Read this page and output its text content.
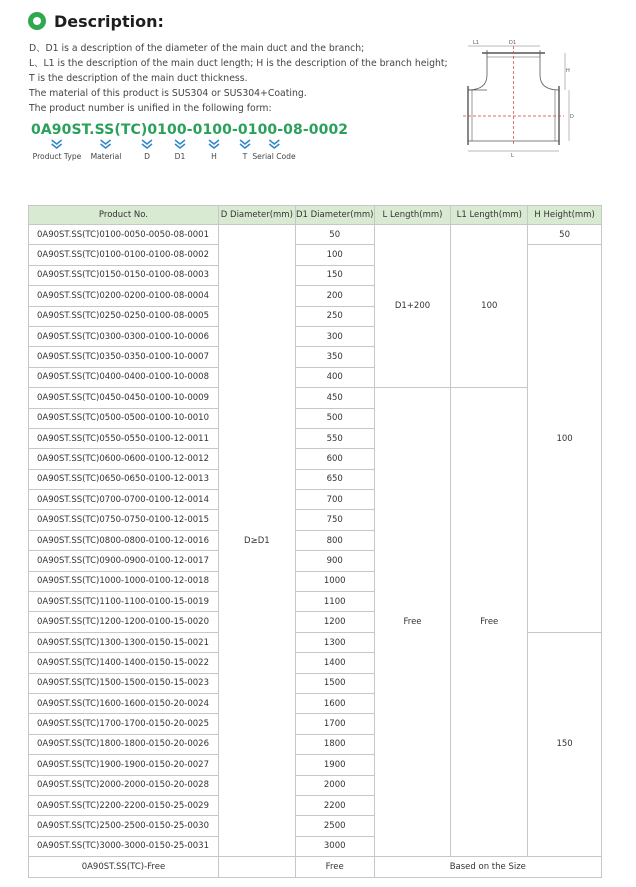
Description:
D、D1 is a description of the diameter of the main duct and the branch;
L、L1 is the description of the main duct length; H is the description of the branch height;
T is the description of the main duct thickness.
The material of this product is SUS304 or SUS304+Coating.
The product number is unified in the following form:
0A90ST.SS(TC)0100-0100-0100-08-0002
Product Type Material	D	D1	H	T Serial Code
L1	D1
L
H
D
Product No.	D Diameter(mm)	D1 Diameter(mm)	L Length(mm)	L1 Length(mm)	H Height(mm)
0A90ST.SS(TC)0100-0050-0050-08-0001	D≥D1	50	D1+200	100	50
0A90ST.SS(TC)0100-0100-0100-08-0002		100			100
0A90ST.SS(TC)0150-0150-0100-08-0003		150			
0A90ST.SS(TC)0200-0200-0100-08-0004		200			
0A90ST.SS(TC)0250-0250-0100-08-0005		250			
0A90ST.SS(TC)0300-0300-0100-10-0006		300			
0A90ST.SS(TC)0350-0350-0100-10-0007		350			
0A90ST.SS(TC)0400-0400-0100-10-0008		400			
0A90ST.SS(TC)0450-0450-0100-10-0009		450	Free	Free	
0A90ST.SS(TC)0500-0500-0100-10-0010		500			
0A90ST.SS(TC)0550-0550-0100-12-0011		550			
0A90ST.SS(TC)0600-0600-0100-12-0012		600			
0A90ST.SS(TC)0650-0650-0100-12-0013		650			
0A90ST.SS(TC)0700-0700-0100-12-0014		700			
0A90ST.SS(TC)0750-0750-0100-12-0015		750			
0A90ST.SS(TC)0800-0800-0100-12-0016		800			
0A90ST.SS(TC)0900-0900-0100-12-0017		900			
0A90ST.SS(TC)1000-1000-0100-12-0018		1000			
0A90ST.SS(TC)1100-1100-0100-15-0019		1100			
0A90ST.SS(TC)1200-1200-0100-15-0020		1200			
0A90ST.SS(TC)1300-1300-0150-15-0021		1300			150
0A90ST.SS(TC)1400-1400-0150-15-0022		1400			
0A90ST.SS(TC)1500-1500-0150-15-0023		1500			
0A90ST.SS(TC)1600-1600-0150-20-0024		1600			
0A90ST.SS(TC)1700-1700-0150-20-0025		1700			
0A90ST.SS(TC)1800-1800-0150-20-0026		1800			
0A90ST.SS(TC)1900-1900-0150-20-0027		1900			
0A90ST.SS(TC)2000-2000-0150-20-0028		2000			
0A90ST.SS(TC)2200-2200-0150-25-0029		2200			
0A90ST.SS(TC)2500-2500-0150-25-0030		2500			
0A90ST.SS(TC)3000-3000-0150-25-0031		3000			
0A90ST.SS(TC)-Free		Free	Based on the Size		
